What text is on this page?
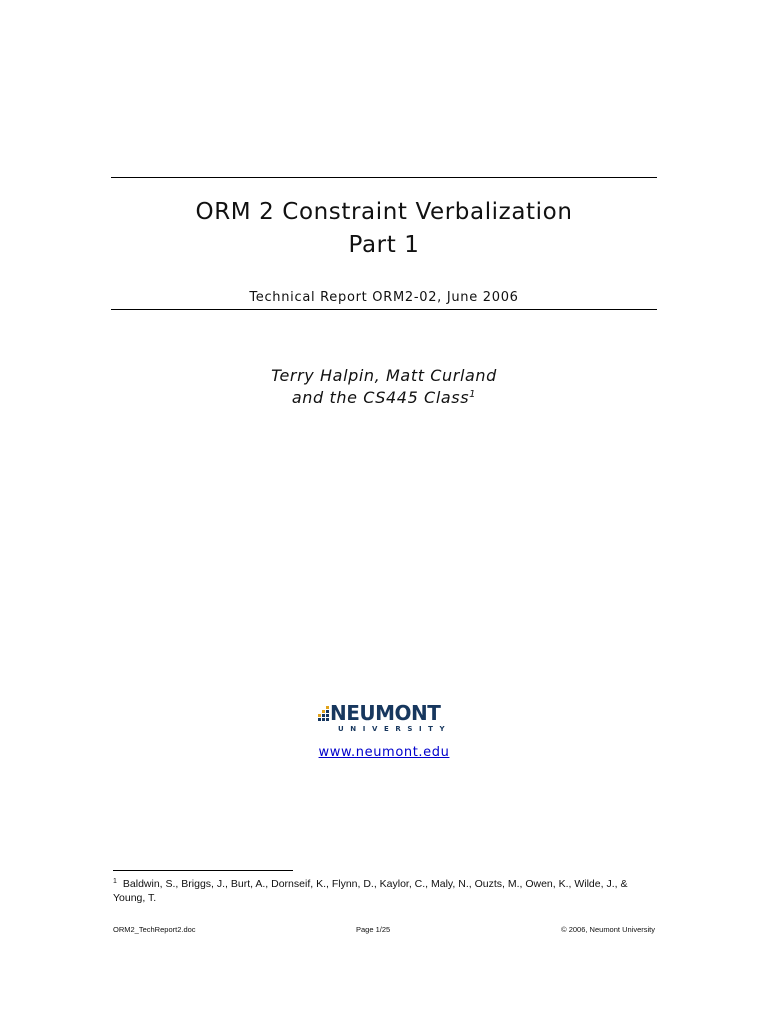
ORM 2 Constraint Verbalization
Part 1
Technical Report ORM2-02, June 2006
Terry Halpin, Matt Curland
and the CS445 Class$^1$
NEUMONT
UNIVERSITY
www.neumont.edu
$^1$ Baldwin, S., Briggs, J., Burt, A., Dornseif, K., Flynn, D., Kaylor, C., Maly, N., Ouzts, M., Owen, K., Wilde, J., & Young, T.
ORM2_TechReport2.doc	Page 1/25	© 2006, Neumont University
